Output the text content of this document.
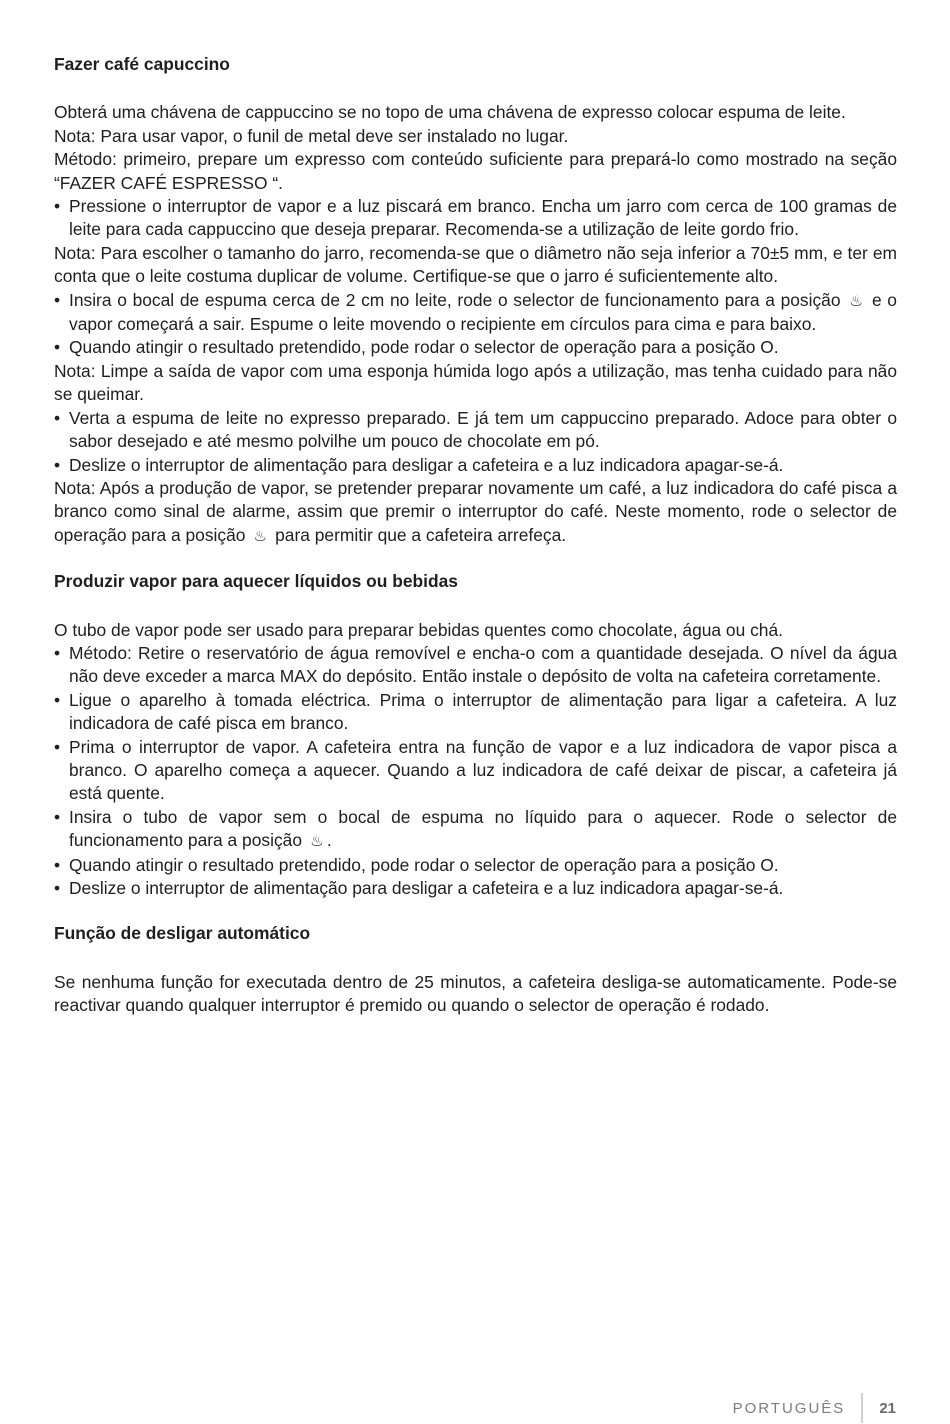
Fazer café capuccino

Obterá uma chávena de cappuccino se no topo de uma chávena de expresso colocar espuma de leite.

Nota: Para usar vapor, o funil de metal deve ser instalado no lugar.

Método: primeiro, prepare um expresso com conteúdo suficiente para prepará-lo como mostrado na seção “FAZER CAFÉ ESPRESSO “.

• Pressione o interruptor de vapor e a luz piscará em branco. Encha um jarro com cerca de 100 gramas de leite para cada cappuccino que deseja preparar. Recomenda-se a utilização de leite gordo frio.

Nota: Para escolher o tamanho do jarro, recomenda-se que o diâmetro não seja inferior a 70±5 mm, e ter em conta que o leite costuma duplicar de volume. Certifique-se que o jarro é suficientemente alto.

• Insira o bocal de espuma cerca de 2 cm no leite, rode o selector de funcionamento para a posição ♨ e o vapor começará a sair. Espume o leite movendo o recipiente em círculos para cima e para baixo.
• Quando atingir o resultado pretendido, pode rodar o selector de operação para a posição O.

Nota: Limpe a saída de vapor com uma esponja húmida logo após a utilização, mas tenha cuidado para não se queimar.

• Verta a espuma de leite no expresso preparado. E já tem um cappuccino preparado. Adoce para obter o sabor desejado e até mesmo polvilhe um pouco de chocolate em pó.
• Deslize o interruptor de alimentação para desligar a cafeteira e a luz indicadora apagar-se-á.

Nota: Após a produção de vapor, se pretender preparar novamente um café, a luz indicadora do café pisca a branco como sinal de alarme, assim que premir o interruptor do café. Neste momento, rode o selector de operação para a posição ♨ para permitir que a cafeteira arrefeça.

Produzir vapor para aquecer líquidos ou bebidas

O tubo de vapor pode ser usado para preparar bebidas quentes como chocolate, água ou chá.

• Método: Retire o reservatório de água removível e encha-o com a quantidade desejada. O nível da água não deve exceder a marca MAX do depósito. Então instale o depósito de volta na cafeteira corretamente.
• Ligue o aparelho à tomada eléctrica. Prima o interruptor de alimentação para ligar a cafeteira. A luz indicadora de café pisca em branco.
• Prima o interruptor de vapor. A cafeteira entra na função de vapor e a luz indicadora de vapor pisca a branco. O aparelho começa a aquecer. Quando a luz indicadora de café deixar de piscar, a cafeteira já está quente.
• Insira o tubo de vapor sem o bocal de espuma no líquido para o aquecer. Rode o selector de funcionamento para a posição ♨ .
• Quando atingir o resultado pretendido, pode rodar o selector de operação para a posição O.
• Deslize o interruptor de alimentação para desligar a cafeteira e a luz indicadora apagar-se-á.

Função de desligar automático

Se nenhuma função for executada dentro de 25 minutos, a cafeteira desliga-se automaticamente. Pode-se reactivar quando qualquer interruptor é premido ou quando o selector de operação é rodado.

PORTUGUÊS 21
